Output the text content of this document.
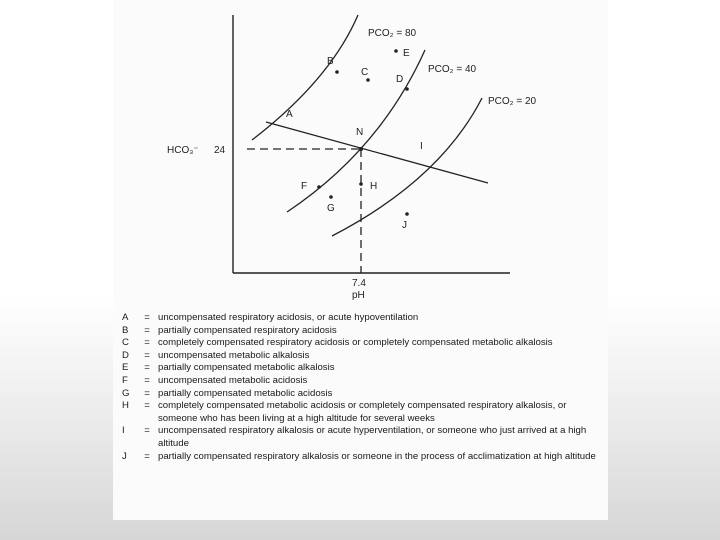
PCO₂ = 80
PCO₂ = 40
PCO₂ = 20
HCO₃⁻ 24
7.4
pH
A
B
C
D
E
F
G
H
I
J
N
A	= uncompensated respiratory acidosis, or acute hypoventilation
B	= partially compensated respiratory acidosis
C	= completely compensated respiratory acidosis or completely compensated metabolic alkalosis
D	= uncompensated metabolic alkalosis
E	= partially compensated metabolic alkalosis
F	= uncompensated metabolic acidosis
G	= partially compensated metabolic acidosis
H	= completely compensated metabolic acidosis or completely compensated respiratory alkalosis, or someone who has been living at a high altitude for several weeks
I	= uncompensated respiratory alkalosis or acute hyperventilation, or someone who just arrived at a high altitude
J	= partially compensated respiratory alkalosis or someone in the process of acclimatization at high altitude
